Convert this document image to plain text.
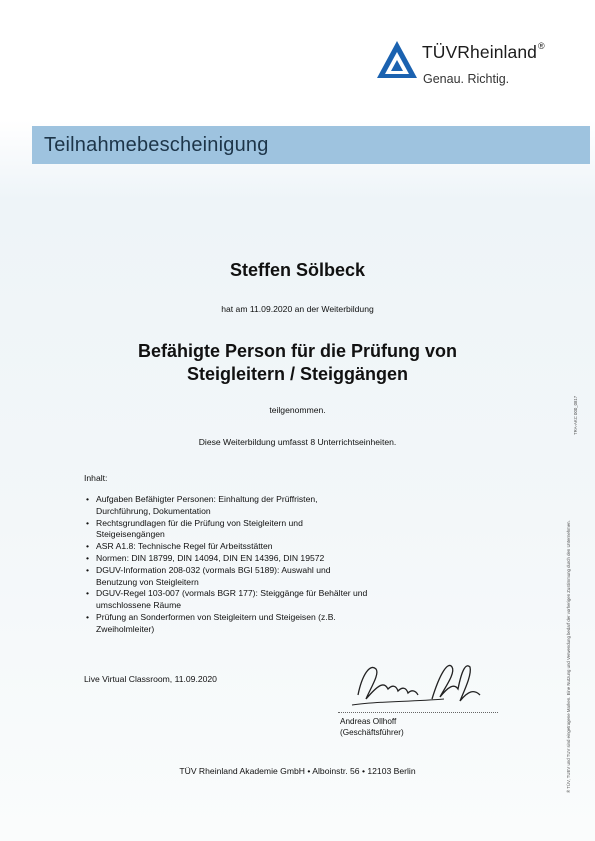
TÜVRheinland®
Genau. Richtig.
Teilnahmebescheinigung
Steffen Sölbeck
hat am 11.09.2020 an der Weiterbildung
Befähigte Person für die Prüfung von
Steigleitern / Steiggängen
teilgenommen.
Diese Weiterbildung umfasst 8 Unterrichtseinheiten.
Inhalt:
• Aufgaben Befähigter Personen: Einhaltung der Prüffristen,
Durchführung, Dokumentation
• Rechtsgrundlagen für die Prüfung von Steigleitern und
Steigeisengängen
• ASR A1.8: Technische Regel für Arbeitsstätten
• Normen: DIN 18799, DIN 14094, DIN EN 14396, DIN 19572
• DGUV-Information 208-032 (vormals BGI 5189): Auswahl und
Benutzung von Steigleitern
• DGUV-Regel 103-007 (vormals BGR 177): Steiggänge für Behälter und
umschlossene Räume
• Prüfung an Sonderformen von Steigleitern und Steigeisen (z.B.
Zweiholmleiter)
Live Virtual Classroom, 11.09.2020
Andreas Ollhoff
(Geschäftsführer)
TÜV Rheinland Akademie GmbH • Alboinstr. 56 • 12103 Berlin	® TÜV, TUEV und TUV sind eingetragene Marken. Eine Nutzung und Verwendung bedarf der vorherigen Zustimmung durch den Unternehmen.
TRA-AKC 000_0817
